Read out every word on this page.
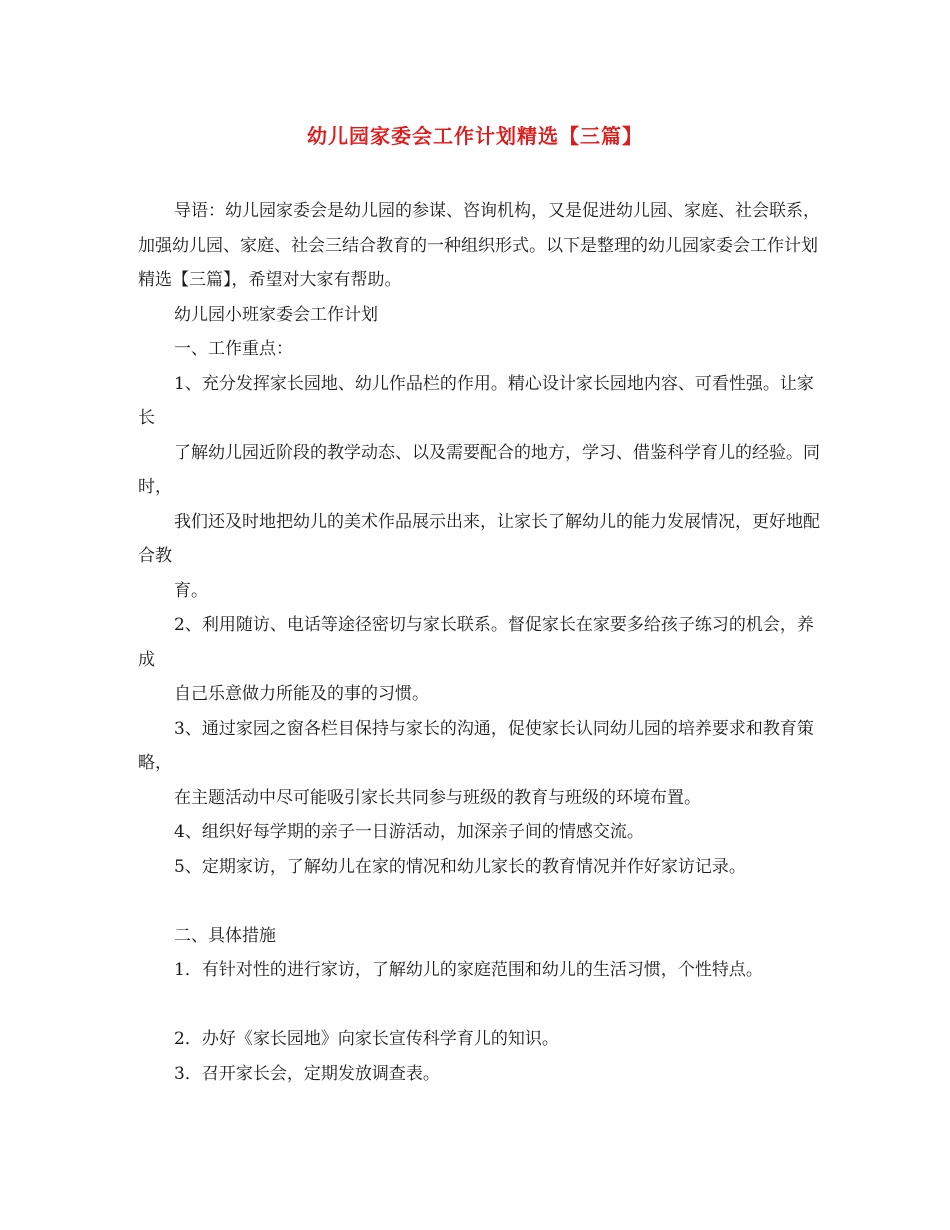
幼儿园家委会工作计划精选【三篇】

导语：幼儿园家委会是幼儿园的参谋、咨询机构，又是促进幼儿园、家庭、社会联系，加强幼儿园、家庭、社会三结合教育的一种组织形式。以下是整理的幼儿园家委会工作计划精选【三篇】，希望对大家有帮助。

幼儿园小班家委会工作计划

一、工作重点：

1、充分发挥家长园地、幼儿作品栏的作用。精心设计家长园地内容、可看性强。让家长

了解幼儿园近阶段的教学动态、以及需要配合的地方，学习、借鉴科学育儿的经验。同时，

我们还及时地把幼儿的美术作品展示出来，让家长了解幼儿的能力发展情况，更好地配合教

育。

2、利用随访、电话等途径密切与家长联系。督促家长在家要多给孩子练习的机会，养成

自己乐意做力所能及的事的习惯。

3、通过家园之窗各栏目保持与家长的沟通，促使家长认同幼儿园的培养要求和教育策略，

在主题活动中尽可能吸引家长共同参与班级的教育与班级的环境布置。

4、组织好每学期的亲子一日游活动，加深亲子间的情感交流。

5、定期家访，了解幼儿在家的情况和幼儿家长的教育情况并作好家访记录。

二、具体措施

1．有针对性的进行家访，了解幼儿的家庭范围和幼儿的生活习惯，个性特点。

2．办好《家长园地》向家长宣传科学育儿的知识。

3．召开家长会，定期发放调查表。
